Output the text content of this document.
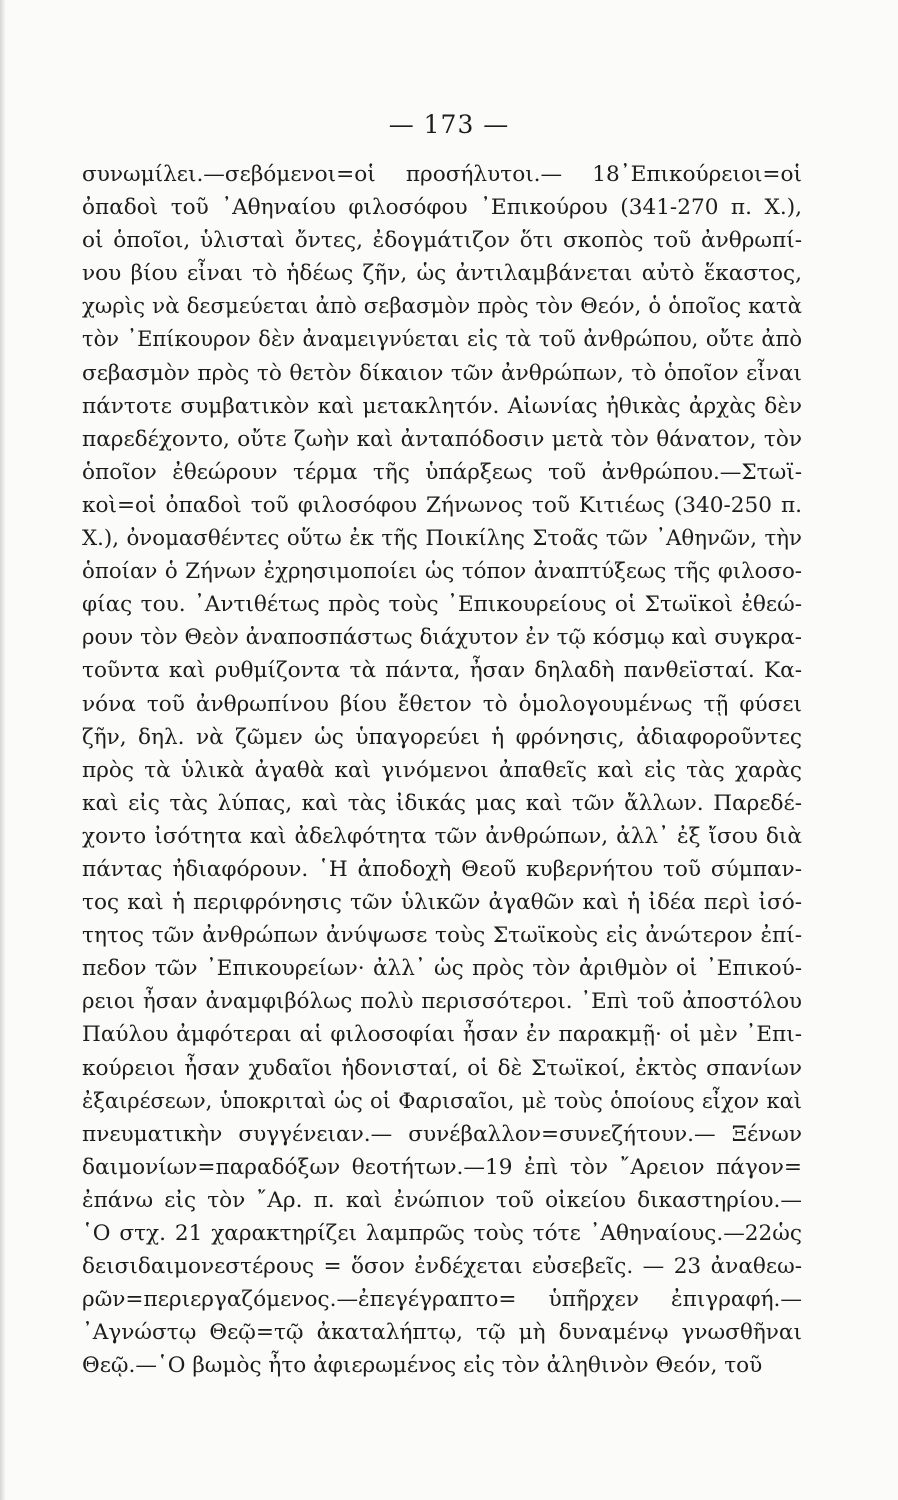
— 173 —
συνωμίλει.—σεβόμενοι=οἱ προσήλυτοι.— 18᾽Επικούρειοι=οἱ
ὀπαδοὶ τοῦ ᾽Αθηναίου φιλοσόφου ᾽Επικούρου (341-270 π. Χ.),
οἱ ὁποῖοι, ὑλισταὶ ὄντες, ἐδογμάτιζον ὅτι σκοπὸς τοῦ ἀνθρωπί-
νου βίου εἶναι τὸ ἡδέως ζῆν, ὡς ἀντιλαμβάνεται αὐτὸ ἕκαστος,
χωρὶς νὰ δεσμεύεται ἀπὸ σεβασμὸν πρὸς τὸν Θεόν, ὁ ὁποῖος κατὰ
τὸν ᾽Επίκουρον δὲν ἀναμειγνύεται εἰς τὰ τοῦ ἀνθρώπου, οὔτε ἀπὸ
σεβασμὸν πρὸς τὸ θετὸν δίκαιον τῶν ἀνθρώπων, τὸ ὁποῖον εἶναι
πάντοτε συμβατικὸν καὶ μετακλητόν. Αἰωνίας ἠθικὰς ἀρχὰς δὲν
παρεδέχοντο, οὔτε ζωὴν καὶ ἀνταπόδοσιν μετὰ τὸν θάνατον, τὸν
ὁποῖον ἐθεώρουν τέρμα τῆς ὑπάρξεως τοῦ ἀνθρώπου.—Στωϊ-
κοὶ=οἱ ὀπαδοὶ τοῦ φιλοσόφου Ζήνωνος τοῦ Κιτιέως (340-250 π.
Χ.), ὀνομασθέντες οὕτω ἐκ τῆς Ποικίλης Στοᾶς τῶν ᾽Αθηνῶν, τὴν
ὁποίαν ὁ Ζήνων ἐχρησιμοποίει ὡς τόπον ἀναπτύξεως τῆς φιλοσο-
φίας του. ᾽Αντιθέτως πρὸς τοὺς ᾽Επικουρείους οἱ Στωϊκοὶ ἐθεώ-
ρουν τὸν Θεὸν ἀναποσπάστως διάχυτον ἐν τῷ κόσμῳ καὶ συγκρα-
τοῦντα καὶ ρυθμίζοντα τὰ πάντα, ἦσαν δηλαδὴ πανθεϊσταί. Κα-
νόνα τοῦ ἀνθρωπίνου βίου ἔθετον τὸ ὁμολογουμένως τῇ φύσει
ζῆν, δηλ. νὰ ζῶμεν ὡς ὑπαγορεύει ἡ φρόνησις, ἀδιαφοροῦντες
πρὸς τὰ ὑλικὰ ἀγαθὰ καὶ γινόμενοι ἀπαθεῖς καὶ εἰς τὰς χαρὰς
καὶ εἰς τὰς λύπας, καὶ τὰς ἰδικάς μας καὶ τῶν ἄλλων. Παρεδέ-
χοντο ἰσότητα καὶ ἀδελφότητα τῶν ἀνθρώπων, ἀλλ᾽ ἐξ ἴσου διὰ
πάντας ἠδιαφόρουν. ῾Η ἀποδοχὴ Θεοῦ κυβερνήτου τοῦ σύμπαν-
τος καὶ ἡ περιφρόνησις τῶν ὑλικῶν ἀγαθῶν καὶ ἡ ἰδέα περὶ ἰσό-
τητος τῶν ἀνθρώπων ἀνύψωσε τοὺς Στωϊκοὺς εἰς ἀνώτερον ἐπί-
πεδον τῶν ᾽Επικουρείων· ἀλλ᾽ ὡς πρὸς τὸν ἀριθμὸν οἱ ᾽Επικού-
ρειοι ἦσαν ἀναμφιβόλως πολὺ περισσότεροι. ᾽Επὶ τοῦ ἀποστόλου
Παύλου ἀμφότεραι αἱ φιλοσοφίαι ἦσαν ἐν παρακμῇ· οἱ μὲν ᾽Επι-
κούρειοι ἦσαν χυδαῖοι ἡδονισταί, οἱ δὲ Στωϊκοί, ἐκτὸς σπανίων
ἐξαιρέσεων, ὑποκριταὶ ὡς οἱ Φαρισαῖοι, μὲ τοὺς ὁποίους εἶχον καὶ
πνευματικὴν συγγένειαν.— συνέβαλλον=συνεζήτουν.— Ξένων
δαιμονίων=παραδόξων θεοτήτων.—19 ἐπὶ τὸν ῎Αρειον πάγον=
ἐπάνω εἰς τὸν ῎Αρ. π. καὶ ἐνώπιον τοῦ οἰκείου δικαστηρίου.—
῾Ο στχ. 21 χαρακτηρίζει λαμπρῶς τοὺς τότε ᾽Αθηναίους.—22ὡς
δεισιδαιμονεστέρους = ὅσον ἐνδέχεται εὐσεβεῖς. — 23 ἀναθεω-
ρῶν=περιεργαζόμενος.—ἐπεγέγραπτο= ὑπῆρχεν ἐπιγραφή.—
᾽Αγνώστῳ Θεῷ=τῷ ἀκαταλήπτῳ, τῷ μὴ δυναμένῳ γνωσθῆναι
Θεῷ.—῾Ο βωμὸς ἦτο ἀφιερωμένος εἰς τὸν ἀληθινὸν Θεόν, τοῦ
